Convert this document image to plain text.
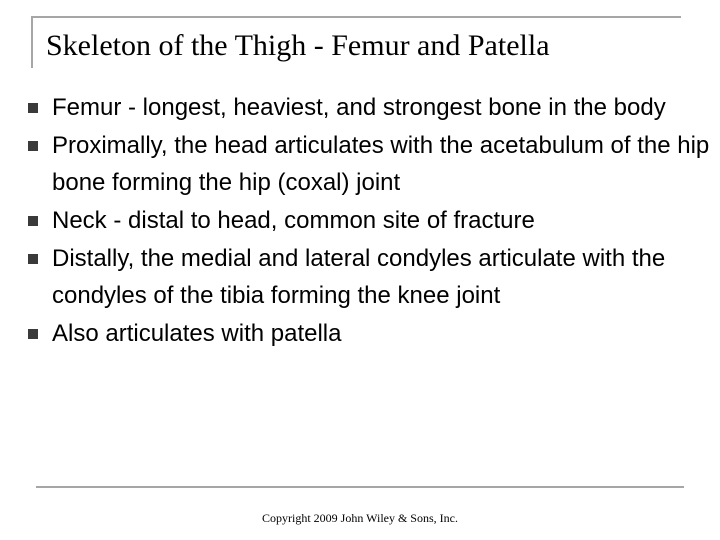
Skeleton of the Thigh - Femur and Patella
Femur - longest, heaviest, and strongest bone in the body
Proximally, the head articulates with the acetabulum of the hip bone forming the hip (coxal) joint
Neck - distal to head, common site of fracture
Distally, the medial and lateral condyles articulate with the condyles of the tibia forming the knee joint
Also articulates with patella
Copyright 2009 John Wiley & Sons, Inc.
